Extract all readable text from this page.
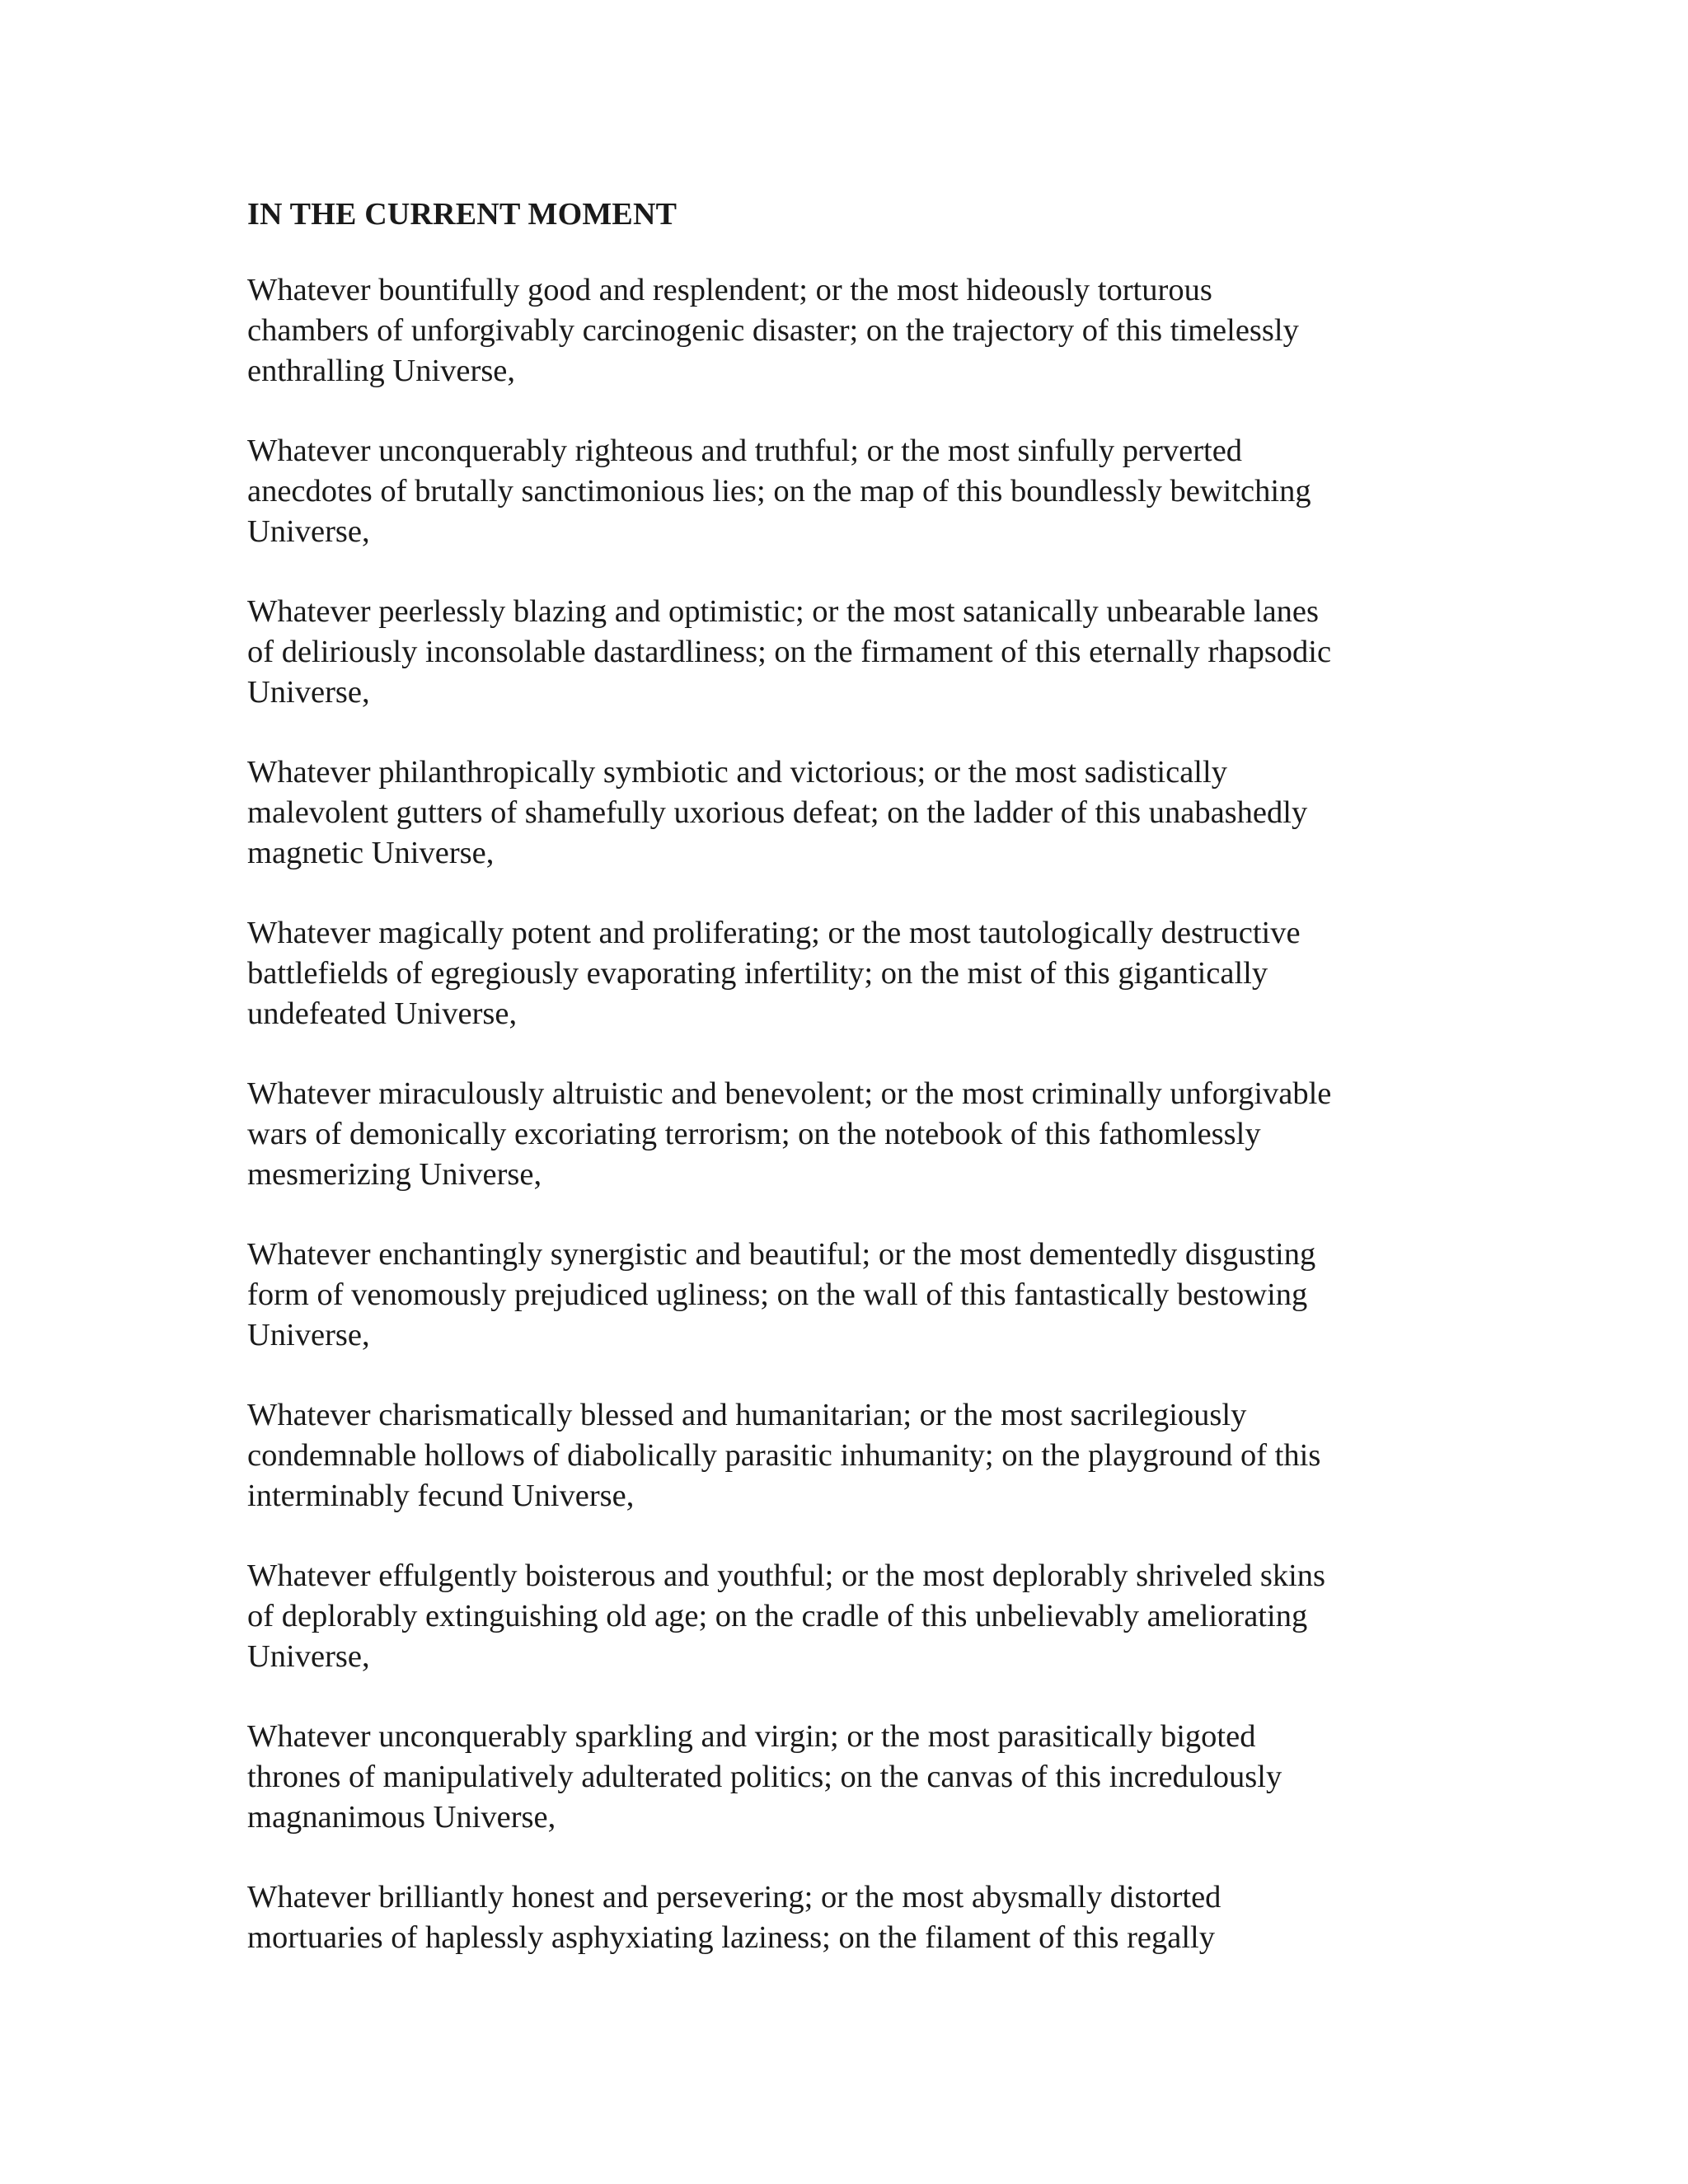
IN THE CURRENT MOMENT
Whatever bountifully good and resplendent; or the most hideously torturous
chambers of unforgivably carcinogenic disaster; on the trajectory of this timelessly
enthralling Universe,
Whatever unconquerably righteous and truthful; or the most sinfully perverted
anecdotes of brutally sanctimonious lies; on the map of this boundlessly bewitching
Universe,
Whatever peerlessly blazing and optimistic; or the most satanically unbearable lanes
of deliriously inconsolable dastardliness; on the firmament of this eternally rhapsodic
Universe,
Whatever philanthropically symbiotic and victorious; or the most sadistically
malevolent gutters of shamefully uxorious defeat; on the ladder of this unabashedly
magnetic Universe,
Whatever magically potent and proliferating; or the most tautologically destructive
battlefields of egregiously evaporating infertility; on the mist of this gigantically
undefeated Universe,
Whatever miraculously altruistic and benevolent; or the most criminally unforgivable
wars of demonically excoriating terrorism; on the notebook of this fathomlessly
mesmerizing Universe,
Whatever enchantingly synergistic and beautiful; or the most dementedly disgusting
form of venomously prejudiced ugliness; on the wall of this fantastically bestowing
Universe,
Whatever charismatically blessed and humanitarian; or the most sacrilegiously
condemnable hollows of diabolically parasitic inhumanity; on the playground of this
interminably fecund Universe,
Whatever effulgently boisterous and youthful; or the most deplorably shriveled skins
of deplorably extinguishing old age; on the cradle of this unbelievably ameliorating
Universe,
Whatever unconquerably sparkling and virgin; or the most parasitically bigoted
thrones of manipulatively adulterated politics; on the canvas of this incredulously
magnanimous Universe,
Whatever brilliantly honest and persevering; or the most abysmally distorted
mortuaries of haplessly asphyxiating laziness; on the filament of this regally
